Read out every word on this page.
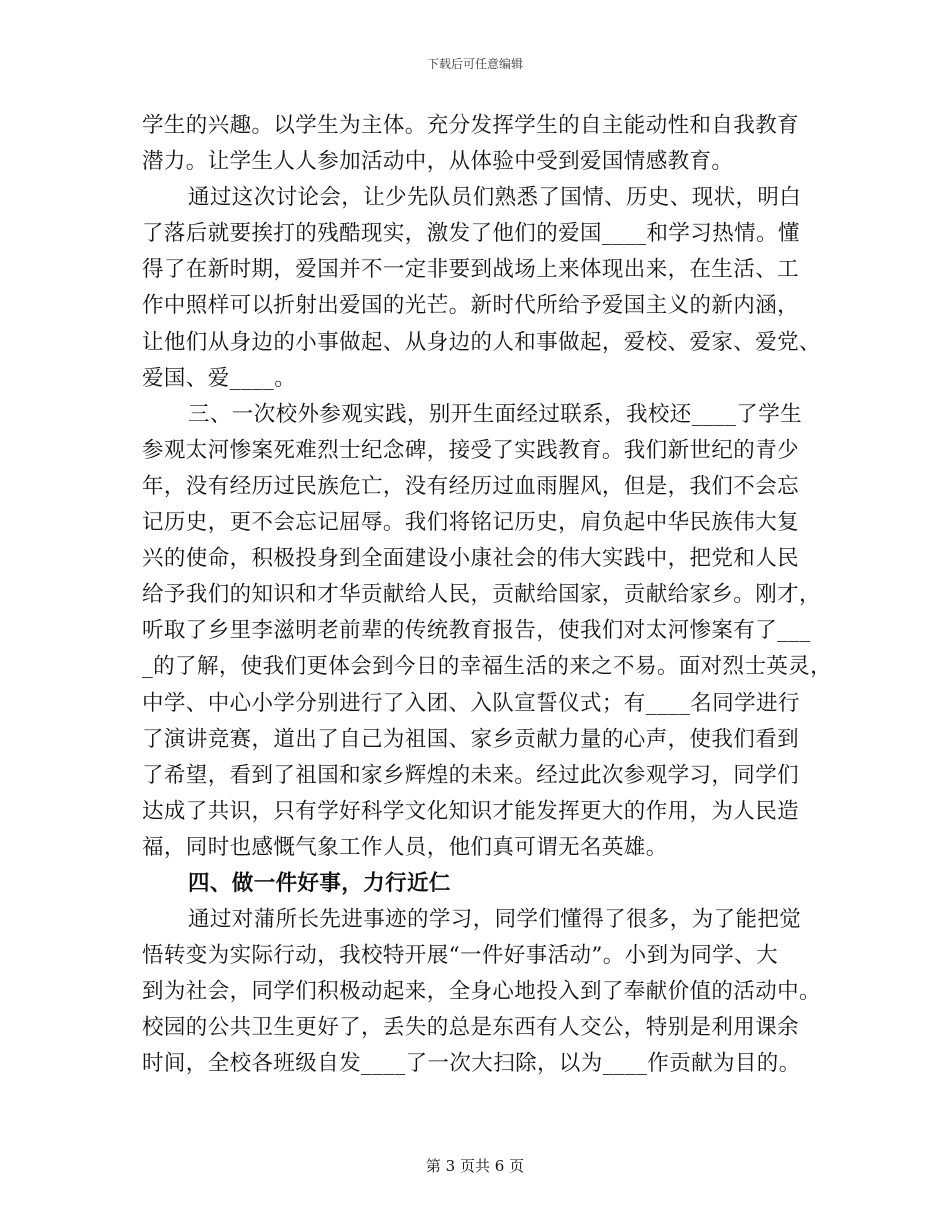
下载后可任意编辑
学生的兴趣。以学生为主体。充分发挥学生的自主能动性和自我教育
潜力。让学生人人参加活动中，从体验中受到爱国情感教育。
通过这次讨论会，让少先队员们熟悉了国情、历史、现状，明白
了落后就要挨打的残酷现实，激发了他们的爱国____和学习热情。懂
得了在新时期，爱国并不一定非要到战场上来体现出来，在生活、工
作中照样可以折射出爱国的光芒。新时代所给予爱国主义的新内涵，
让他们从身边的小事做起、从身边的人和事做起，爱校、爱家、爱党、
爱国、爱____。
三、一次校外参观实践，别开生面经过联系，我校还____了学生
参观太河惨案死难烈士纪念碑，接受了实践教育。我们新世纪的青少
年，没有经历过民族危亡，没有经历过血雨腥风，但是，我们不会忘
记历史，更不会忘记屈辱。我们将铭记历史，肩负起中华民族伟大复
兴的使命，积极投身到全面建设小康社会的伟大实践中，把党和人民
给予我们的知识和才华贡献给人民，贡献给国家，贡献给家乡。刚才，
听取了乡里李滋明老前辈的传统教育报告，使我们对太河惨案有了___
_的了解，使我们更体会到今日的幸福生活的来之不易。面对烈士英灵，
中学、中心小学分别进行了入团、入队宣誓仪式；有____名同学进行
了演讲竞赛，道出了自己为祖国、家乡贡献力量的心声，使我们看到
了希望，看到了祖国和家乡辉煌的未来。经过此次参观学习，同学们
达成了共识，只有学好科学文化知识才能发挥更大的作用，为人民造
福，同时也感慨气象工作人员，他们真可谓无名英雄。
四、做一件好事，力行近仁
通过对蒲所长先进事迹的学习，同学们懂得了很多，为了能把觉
悟转变为实际行动，我校特开展“一件好事活动”。小到为同学、大
到为社会，同学们积极动起来，全身心地投入到了奉献价值的活动中。
校园的公共卫生更好了，丢失的总是东西有人交公，特别是利用课余
时间，全校各班级自发____了一次大扫除，以为____作贡献为目的。
第 3 页共 6 页
